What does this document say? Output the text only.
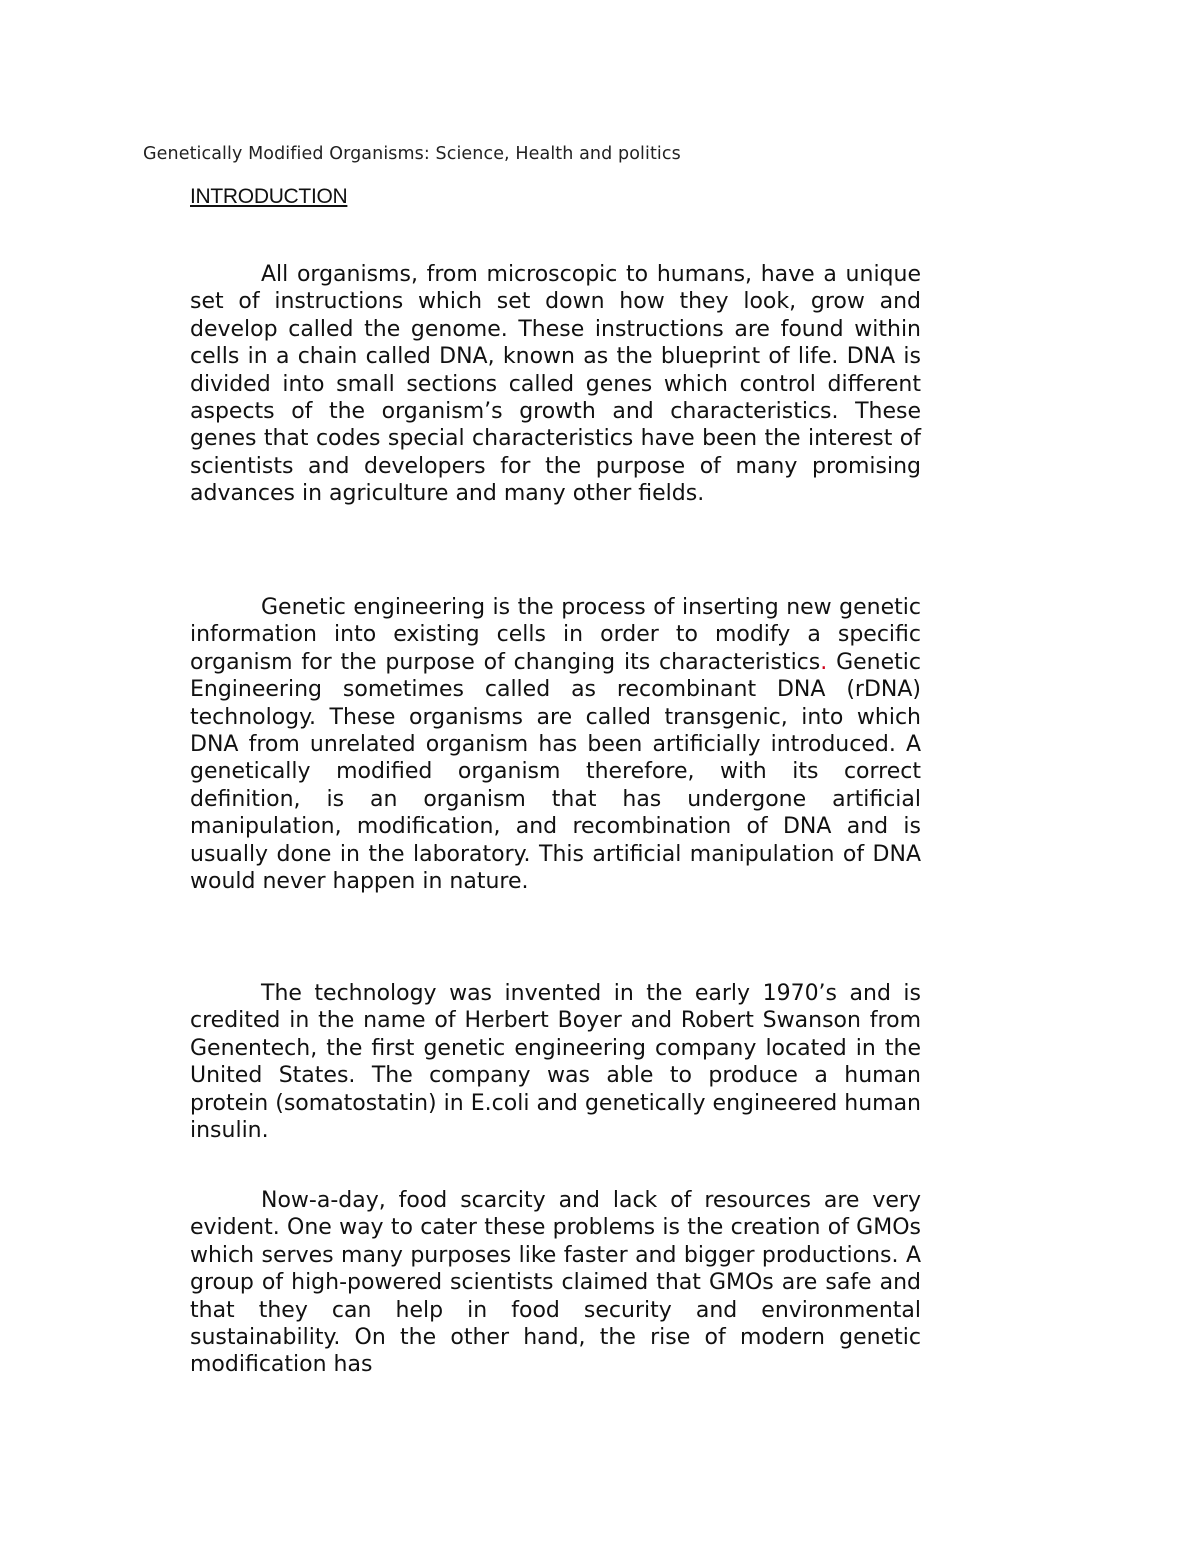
Genetically Modified Organisms: Science, Health and politics
INTRODUCTION

All organisms, from microscopic to humans, have a unique set of instructions which set down how they look, grow and develop called the genome. These instructions are found within cells in a chain called DNA, known as the blueprint of life. DNA is divided into small sections called genes which control different aspects of the organism’s growth and characteristics. These genes that codes special characteristics have been the interest of scientists and developers for the purpose of many promising advances in agriculture and many other fields.

Genetic engineering is the process of inserting new genetic information into existing cells in order to modify a specific organism for the purpose of changing its characteristics. Genetic Engineering sometimes called as recombinant DNA (rDNA) technology. These organisms are called transgenic, into which DNA from unrelated organism has been artificially introduced. A genetically modified organism therefore, with its correct definition, is an organism that has undergone artificial manipulation, modification, and recombination of DNA and is usually done in the laboratory. This artificial manipulation of DNA would never happen in nature.

The technology was invented in the early 1970’s and is credited in the name of Herbert Boyer and Robert Swanson from Genentech, the first genetic engineering company located in the United States. The company was able to produce a human protein (somatostatin) in E.coli and genetically engineered human insulin.

Now-a-day, food scarcity and lack of resources are very evident. One way to cater these problems is the creation of GMOs which serves many purposes like faster and bigger productions. A group of high-powered scientists claimed that GMOs are safe and that they can help in food security and environmental sustainability. On the other hand, the rise of modern genetic modification has
